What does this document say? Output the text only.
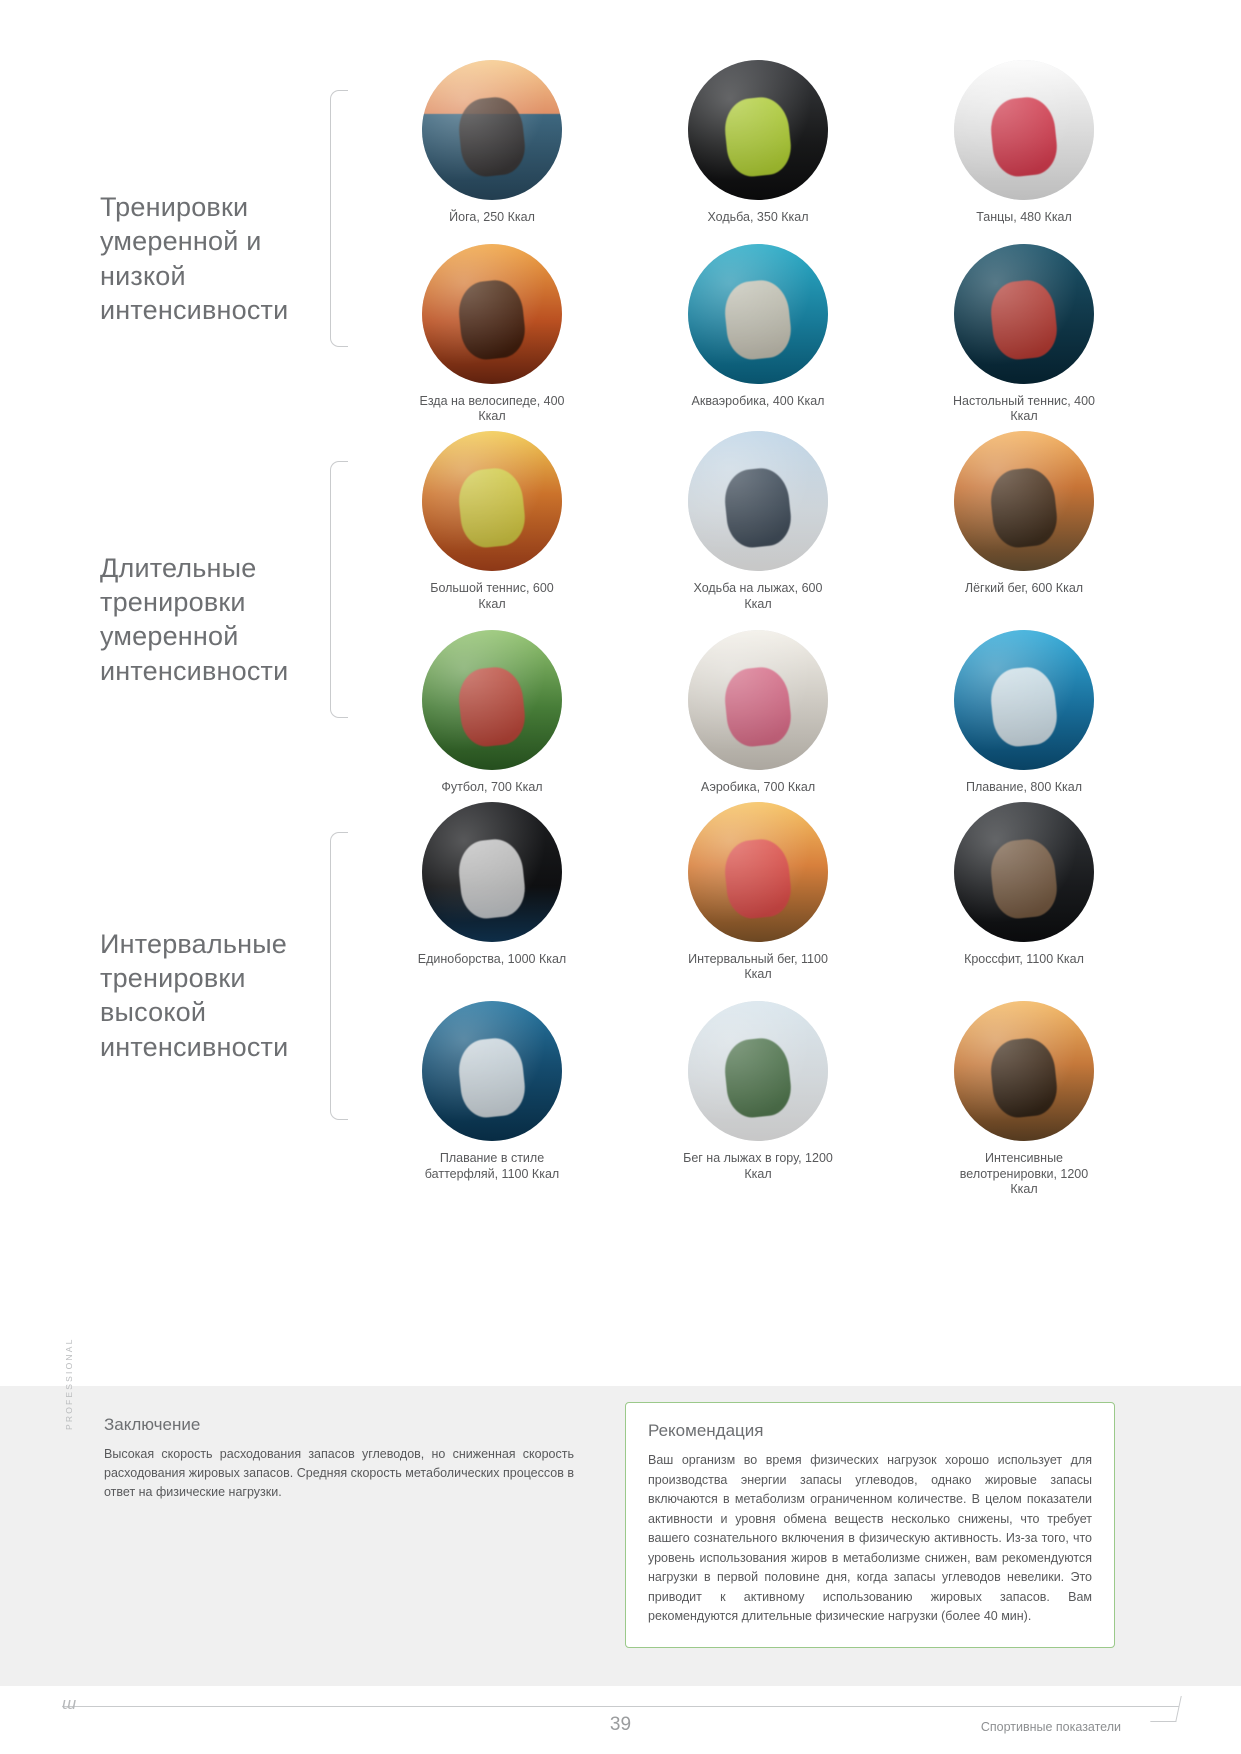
Тренировки умеренной и низкой интенсивности
Йога, 250 Ккал	Ходьба, 350 Ккал	Танцы, 480 Ккал
Езда на велосипеде, 400 Ккал
Акваэробика, 400 Ккал	Настольный теннис, 400 Ккал
Длительные тренировки умеренной интенсивности
Большой теннис, 600 Ккал
Ходьба на лыжах, 600 Ккал
Лёгкий бег, 600 Ккал
Футбол, 700 Ккал	Аэробика, 700 Ккал	Плавание, 800 Ккал
Интервальные тренировки высокой интенсивности
Единоборства, 1000 Ккал	Интервальный бег, 1100 Ккал
Кроссфит, 1100 Ккал
Плавание в стиле баттерфляй, 1100 Ккал
Бег на лыжах в гору, 1200 Ккал
Интенсивные велотренировки, 1200 Ккал
PROFESSIONAL Заключение

Высокая скорость расходования запасов углеводов, но сниженная скорость расходования жировых запасов. Средняя скорость метаболических процессов в ответ на физические нагрузки.

Рекомендация

Ваш организм во время физических нагрузок хорошо использует для производства энергии запасы углеводов, однако жировые запасы включаются в метаболизм ограниченном количестве. В целом показатели активности и уровня обмена веществ несколько снижены, что требует вашего сознательного включения в физическую активность. Из-за того, что уровень использования жиров в метаболизме снижен, вам рекомендуются нагрузки в первой половине дня, когда запасы углеводов невелики. Это приводит к активному использованию жировых запасов. Вам рекомендуются длительные физические нагрузки (более 40 мин).

ɯ
39	Спортивные показатели
